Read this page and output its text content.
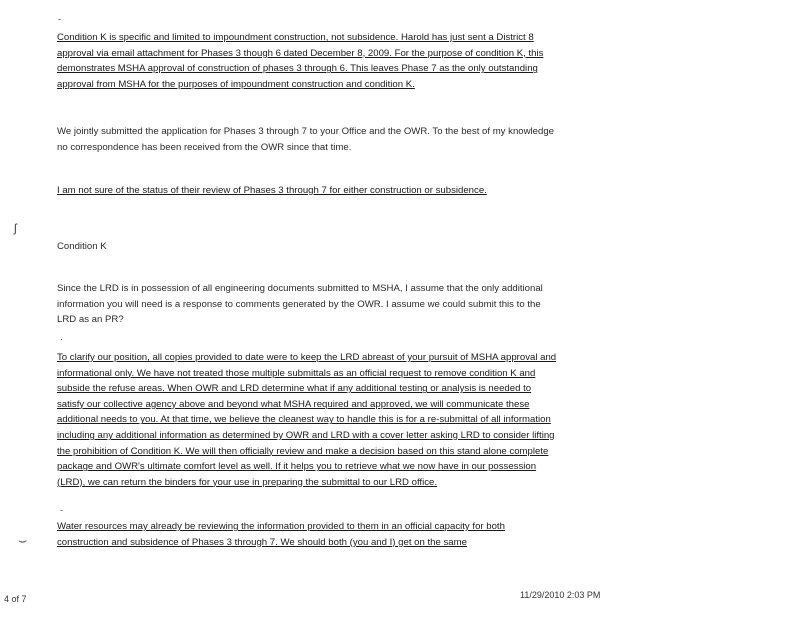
-
·
-
ʃ
⌣

Condition K is specific and limited to impoundment construction, not subsidence. Harold has just sent a District 8 approval via email attachment for Phases 3 though 6 dated December 8, 2009. For the purpose of condition K, this demonstrates MSHA approval of construction of phases 3 through 6. This leaves Phase 7 as the only outstanding approval from MSHA for the purposes of impoundment construction and condition K.

We jointly submitted the application for Phases 3 through 7 to your Office and the OWR. To the best of my knowledge no correspondence has been received from the OWR since that time.

I am not sure of the status of their review of Phases 3 through 7 for either construction or subsidence.

Condition K

Since the LRD is in possession of all engineering documents submitted to MSHA, I assume that the only additional information you will need is a response to comments generated by the OWR. I assume we could submit this to the LRD as an PR?

To clarify our position, all copies provided to date were to keep the LRD abreast of your pursuit of MSHA approval and informational only. We have not treated those multiple submittals as an official request to remove condition K and subside the refuse areas. When OWR and LRD determine what if any additional testing or analysis is needed to satisfy our collective agency above and beyond what MSHA required and approved, we will communicate these additional needs to you. At that time, we believe the cleanest way to handle this is for a re-submittal of all information including any additional information as determined by OWR and LRD with a cover letter asking LRD to consider lifting the prohibition of Condition K. We will then officially review and make a decision based on this stand alone complete package and OWR's ultimate comfort level as well. If it helps you to retrieve what we now have in our possession (LRD), we can return the binders for your use in preparing the submittal to our LRD office.

Water resources may already be reviewing the information provided to them in an official capacity for both construction and subsidence of Phases 3 through 7. We should both (you and I) get on the same

4 of 7	11/29/2010 2:03 PM
